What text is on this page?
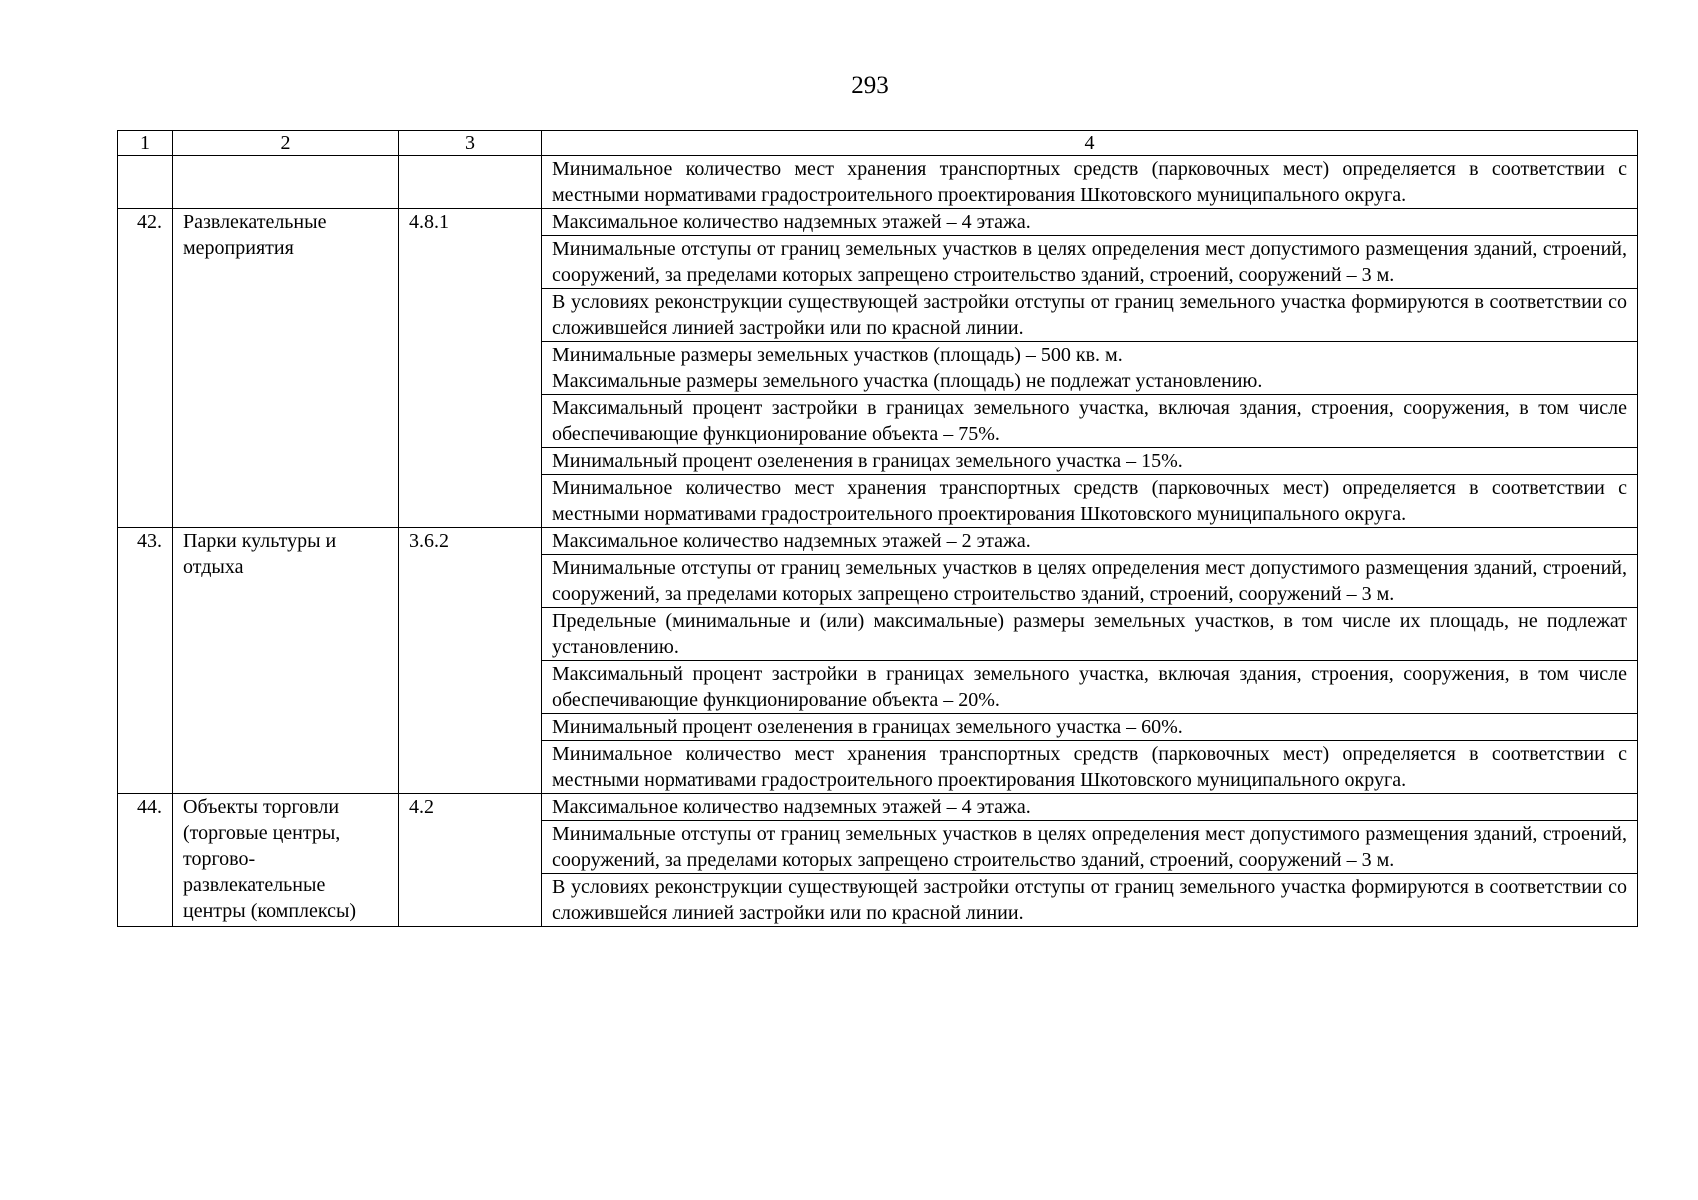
293
1	2	3	4
			Минимальное количество мест хранения транспортных средств (парковочных мест) определяется в соответствии с местными нормативами градостроительного проектирования Шкотовского муниципального округа.
42.	Развлекательные мероприятия	4.8.1	Максимальное количество надземных этажей – 4 этажа.
			Минимальные отступы от границ земельных участков в целях определения мест допустимого размещения зданий, строений, сооружений, за пределами которых запрещено строительство зданий, строений, сооружений – 3 м.
			В условиях реконструкции существующей застройки отступы от границ земельного участка формируются в соответствии со сложившейся линией застройки или по красной линии.

			Минимальные размеры земельных участков (площадь) – 500 кв. м.
Максимальные размеры земельного участка (площадь) не подлежат установлению.

			Максимальный процент застройки в границах земельного участка, включая здания, строения, сооружения, в том числе обеспечивающие функционирование объекта – 75%.
			Минимальный процент озеленения в границах земельного участка – 15%.
			Минимальное количество мест хранения транспортных средств (парковочных мест) определяется в соответствии с местными нормативами градостроительного проектирования Шкотовского муниципального округа.
43.	Парки культуры и отдыха	3.6.2	Максимальное количество надземных этажей – 2 этажа.
			Минимальные отступы от границ земельных участков в целях определения мест допустимого размещения зданий, строений, сооружений, за пределами которых запрещено строительство зданий, строений, сооружений – 3 м.
			Предельные (минимальные и (или) максимальные) размеры земельных участков, в том числе их площадь, не подлежат установлению.
			Максимальный процент застройки в границах земельного участка, включая здания, строения, сооружения, в том числе обеспечивающие функционирование объекта – 20%.
			Минимальный процент озеленения в границах земельного участка – 60%.
			Минимальное количество мест хранения транспортных средств (парковочных мест) определяется в соответствии с местными нормативами градостроительного проектирования Шкотовского муниципального округа.
44.	Объекты торговли (торговые центры, торгово-развлекательные центры (комплексы)	4.2	Максимальное количество надземных этажей – 4 этажа.
			Минимальные отступы от границ земельных участков в целях определения мест допустимого размещения зданий, строений, сооружений, за пределами которых запрещено строительство зданий, строений, сооружений – 3 м.
			В условиях реконструкции существующей застройки отступы от границ земельного участка формируются в соответствии со сложившейся линией застройки или по красной линии.
